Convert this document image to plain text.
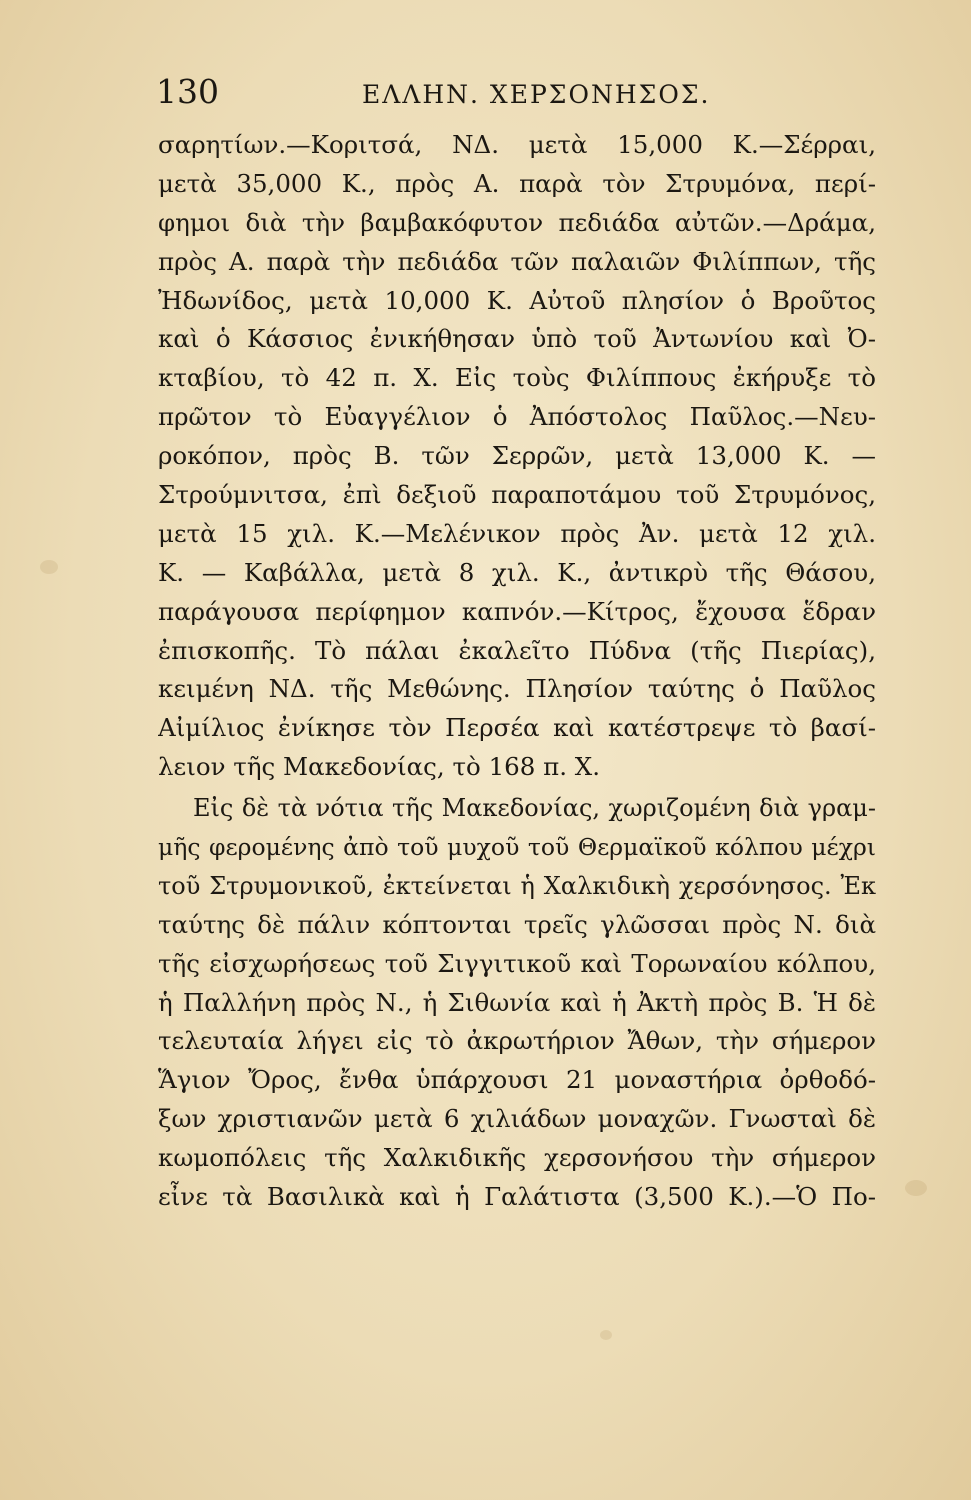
130	ΕΛΛΗΝ. ΧΕΡΣΟΝΗΣΟΣ.
σαρητίων.—Κοριτσά, ΝΔ. μετὰ 15,000 Κ.—Σέρραι,
μετὰ 35,000 Κ., πρὸς Α. παρὰ τὸν Στρυμόνα, περί-
φημοι διὰ τὴν βαμβακόφυτον πεδιάδα αὐτῶν.—Δράμα,
πρὸς Α. παρὰ τὴν πεδιάδα τῶν παλαιῶν Φιλίππων, τῆς
Ἠδωνίδος, μετὰ 10,000 Κ. Αὐτοῦ πλησίον ὁ Βροῦτος
καὶ ὁ Κάσσιος ἐνικήθησαν ὑπὸ τοῦ Ἀντωνίου καὶ Ὀ-
κταβίου, τὸ 42 π. Χ. Εἰς τοὺς Φιλίππους ἐκήρυξε τὸ
πρῶτον τὸ Εὐαγγέλιον ὁ Ἀπόστολος Παῦλος.—Νευ-
ροκόπον, πρὸς Β. τῶν Σερρῶν, μετὰ 13,000 Κ. —
Στρούμνιτσα, ἐπὶ δεξιοῦ παραποτάμου τοῦ Στρυμόνος,
μετὰ 15 χιλ. Κ.—Μελένικον πρὸς Ἀν. μετὰ 12 χιλ.
Κ. — Καβάλλα, μετὰ 8 χιλ. Κ., ἀντικρὺ τῆς Θάσου,
παράγουσα περίφημον καπνόν.—Κίτρος, ἔχουσα ἕδραν
ἐπισκοπῆς. Τὸ πάλαι ἐκαλεῖτο Πύδνα (τῆς Πιερίας),
κειμένη ΝΔ. τῆς Μεθώνης. Πλησίον ταύτης ὁ Παῦλος
Αἰμίλιος ἐνίκησε τὸν Περσέα καὶ κατέστρεψε τὸ βασί-
λειον τῆς Μακεδονίας, τὸ 168 π. Χ.
Εἰς δὲ τὰ νότια τῆς Μακεδονίας, χωριζομένη διὰ γραμ-
μῆς φερομένης ἀπὸ τοῦ μυχοῦ τοῦ Θερμαϊκοῦ κόλπου μέχρι
τοῦ Στρυμονικοῦ, ἐκτείνεται ἡ Χαλκιδικὴ χερσόνησος. Ἐκ
ταύτης δὲ πάλιν κόπτονται τρεῖς γλῶσσαι πρὸς Ν. διὰ
τῆς εἰσχωρήσεως τοῦ Σιγγιτικοῦ καὶ Τορωναίου κόλπου,
ἡ Παλλήνη πρὸς Ν., ἡ Σιθωνία καὶ ἡ Ἀκτὴ πρὸς Β. Ἡ δὲ
τελευταία λήγει εἰς τὸ ἀκρωτήριον Ἄθων, τὴν σήμερον
Ἅγιον Ὄρος, ἔνθα ὑπάρχουσι 21 μοναστήρια ὀρθοδό-
ξων χριστιανῶν μετὰ 6 χιλιάδων μοναχῶν. Γνωσταὶ δὲ
κωμοπόλεις τῆς Χαλκιδικῆς χερσονήσου τὴν σήμερον
εἶνε τὰ Βασιλικὰ καὶ ἡ Γαλάτιστα (3,500 Κ.).—Ὁ Πο-
